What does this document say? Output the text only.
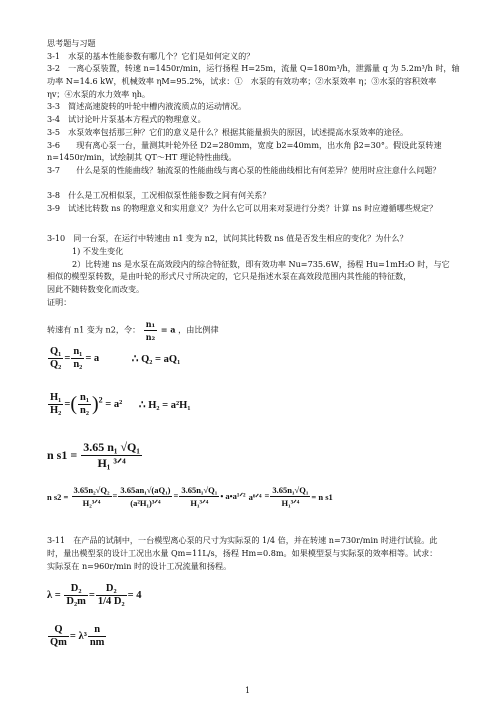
思考题与习题
3-1　水泵的基本性能参数有哪几个？它们是如何定义的？
3-2　一离心泵装置，转速 n=1450r/min，运行扬程 H=25m，流量 Q=180m³/h，泄露量 q 为 5.2m³/h 时，轴
功率 N=14.6 kW，机械效率 ηM=95.2%，试求：①　水泵的有效功率；②水泵效率 η；③水泵的容积效率
ηv；④水泵的水力效率 ηh。
3-3　简述高速旋转的叶轮中槽内液流质点的运动情况。
3-4　试讨论叶片泵基本方程式的物理意义。
3-5　水泵效率包括那三种？它们的意义是什么？根据其能量损失的原因，试述提高水泵效率的途径。
3-6　　现有离心泵一台，量测其叶轮外径 D2=280mm，宽度 b2=40mm，出水角 β2=30°。假设此泵转速
n=1450r/min，试绘制其 QT～HT 理论特性曲线。
3-7　　什么是泵的性能曲线？轴流泵的性能曲线与离心泵的性能曲线相比有何差异？使用时应注意什么问题？
3-8　什么是工况相似泵，工况相似泵性能参数之间有何关系？
3-9　试述比转数 ns 的物理意义和实用意义？为什么它可以用来对泵进行分类？计算 ns 时应遵循哪些规定？
3-10　同一台泵，在运行中转速由 n1 变为 n2，试问其比转数 ns 值是否发生相应的变化？为什么？
1) 不发生变化
2）比转速 ns 是水泵在高效段内的综合特征数，即有效功率 Nu=735.6W，扬程 Hu=1mH₂O 时，与它
相似的模型泵转数，是由叶轮的形式尺寸所决定的，它只是指述水泵在高效段范围内其性能的特征数，
因此不随转数变化而改变。
证明：
转速有 n1 变为 n2，令： $\frac{\text{n₁}}{\text{n₂}} = a$ ，由比例律
$\frac{\text{Q₁}}{\text{Q₂}} = \frac{\text{n₁}}{\text{n₂}} = a$	∴ Q₂ = aQ₁
$\frac{\text{H₁}}{\text{H₂}}$ =( $\frac{\text{n₁}}{\text{n₂}} )^2 = a^2$ ∴ H₂ = a²H₁
n s1 =
3.65 n₁ √Q₁
H₁ ³ᐟ⁴
n s2 =
3.65n₂√Q₂
H₂³ᐟ⁴
=
3.65an₁√(aQ₁)
(a²H₁)³ᐟ⁴
=
3.65n₁√Q₁
H₁³ᐟ⁴
• a•a¹ᐟ² a⁶ᐟ⁴ =
3.65n₁√Q₁
H₁³ᐟ⁴
= n s1
3-11　在产品的试制中，一台模型离心泵的尺寸为实际泵的 1/4 倍，并在转速 n=730r/min 时进行试验。此
时，量出模型泵的设计工况出水量 Qm=11L/s，扬程 Hm=0.8m。如果模型泵与实际泵的效率相等。试求：
实际泵在 n=960r/min 时的设计工况流量和扬程。
$\lambda = \frac{\text{D₂}}{\text{D₂m}} = \frac{\text{D₂}}{\text{1/4 D₂}} = 4$
$\frac{Q}{Qm} = \lambda^3 \frac{n}{nm}$
1
